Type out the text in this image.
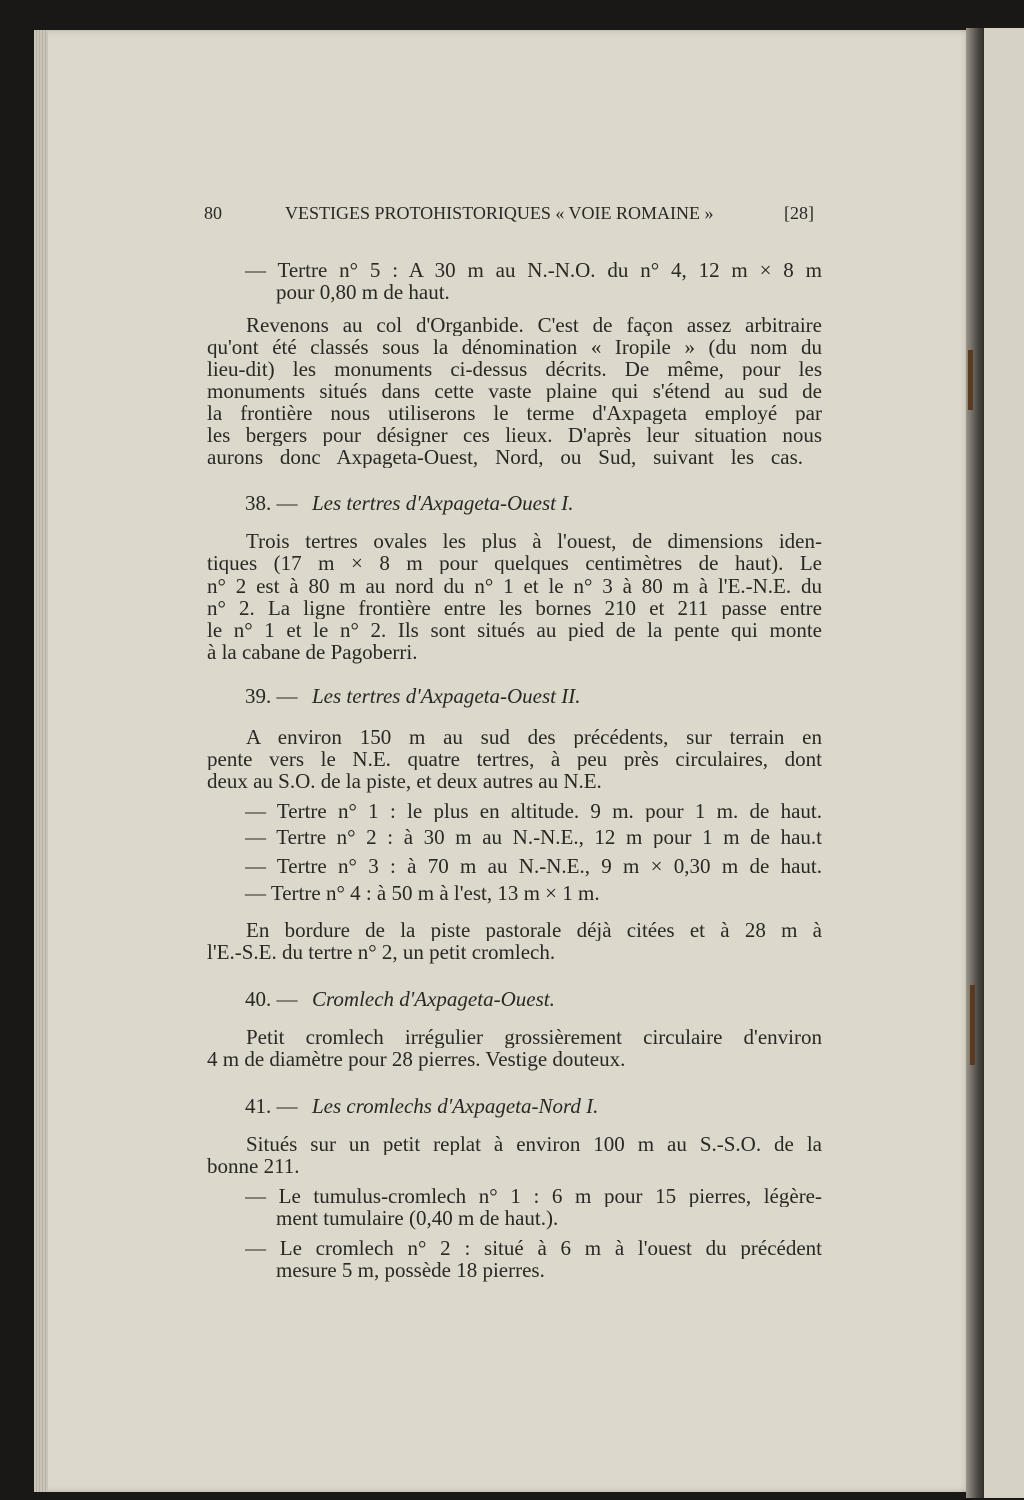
80	VESTIGES PROTOHISTORIQUES « VOIE ROMAINE »	[28]
— Tertre n° 5 : A 30 m au N.-N.O. du n° 4, 12 m × 8 m
pour 0,80 m de haut.
Revenons au col d'Organbide. C'est de façon assez arbitraire
qu'ont été classés sous la dénomination « Iropile » (du nom du
lieu-dit) les monuments ci-dessus décrits. De même, pour les
monuments situés dans cette vaste plaine qui s'étend au sud de
la frontière nous utiliserons le terme d'Axpageta employé par
les bergers pour désigner ces lieux. D'après leur situation nous
aurons donc Axpageta-Ouest, Nord, ou Sud, suivant les cas.
38. — Les tertres d'Axpageta-Ouest I.
Trois tertres ovales les plus à l'ouest, de dimensions iden-
tiques (17 m × 8 m pour quelques centimètres de haut). Le
n° 2 est à 80 m au nord du n° 1 et le n° 3 à 80 m à l'E.-N.E. du
n° 2. La ligne frontière entre les bornes 210 et 211 passe entre
le n° 1 et le n° 2. Ils sont situés au pied de la pente qui monte
à la cabane de Pagoberri.
39. — Les tertres d'Axpageta-Ouest II.
A environ 150 m au sud des précédents, sur terrain en
pente vers le N.E. quatre tertres, à peu près circulaires, dont
deux au S.O. de la piste, et deux autres au N.E.
— Tertre n° 1 : le plus en altitude. 9 m. pour 1 m. de haut.
— Tertre n° 2 : à 30 m au N.-N.E., 12 m pour 1 m de hau.t
— Tertre n° 3 : à 70 m au N.-N.E., 9 m × 0,30 m de haut.
— Tertre n° 4 : à 50 m à l'est, 13 m × 1 m.
En bordure de la piste pastorale déjà citées et à 28 m à
l'E.-S.E. du tertre n° 2, un petit cromlech.
40. — Cromlech d'Axpageta-Ouest.
Petit cromlech irrégulier grossièrement circulaire d'environ
4 m de diamètre pour 28 pierres. Vestige douteux.
41. — Les cromlechs d'Axpageta-Nord I.
Situés sur un petit replat à environ 100 m au S.-S.O. de la
bonne 211.
— Le tumulus-cromlech n° 1 : 6 m pour 15 pierres, légère-
ment tumulaire (0,40 m de haut.).
— Le cromlech n° 2 : situé à 6 m à l'ouest du précédent
mesure 5 m, possède 18 pierres.
